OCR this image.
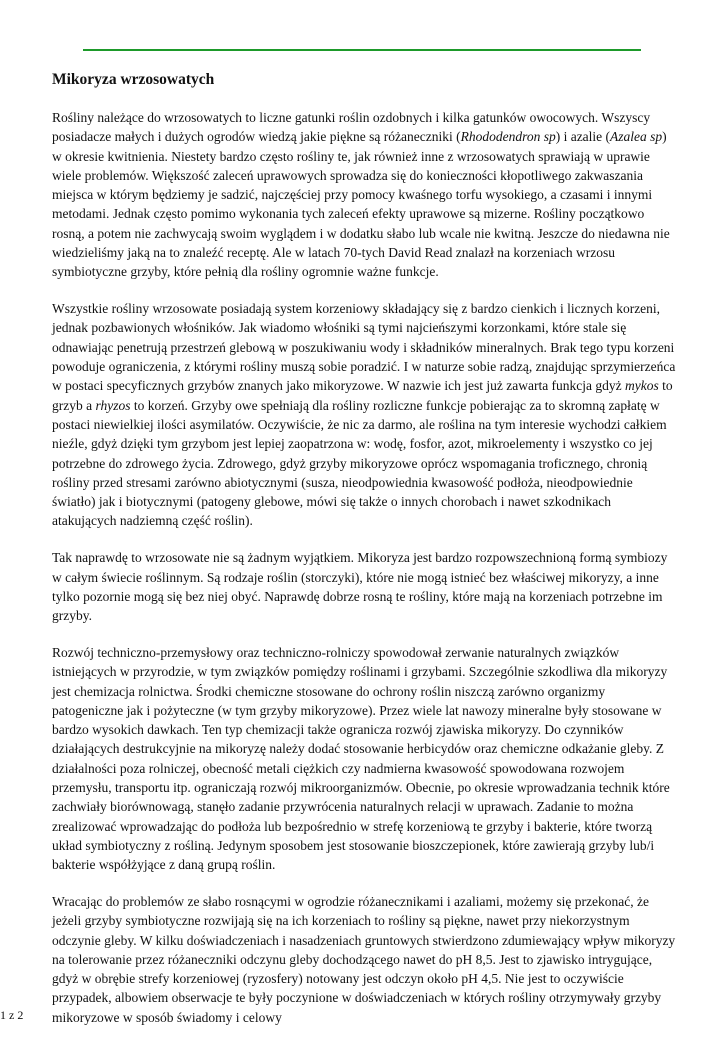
Mikoryza wrzosowatych

Rośliny należące do wrzosowatych to liczne gatunki roślin ozdobnych i kilka gatunków owocowych. Wszyscy posiadacze małych i dużych ogrodów wiedzą jakie piękne są różaneczniki (Rhododendron sp) i azalie (Azalea sp) w okresie kwitnienia. Niestety bardzo często rośliny te, jak również inne z wrzosowatych sprawiają w uprawie wiele problemów. Większość zaleceń uprawowych sprowadza się do konieczności kłopotliwego zakwaszania miejsca w którym będziemy je sadzić, najczęściej przy pomocy kwaśnego torfu wysokiego, a czasami i innymi metodami. Jednak często pomimo wykonania tych zaleceń efekty uprawowe są mizerne. Rośliny początkowo rosną, a potem nie zachwycają swoim wyglądem i w dodatku słabo lub wcale nie kwitną. Jeszcze do niedawna nie wiedzieliśmy jaką na to znaleźć receptę. Ale w latach 70-tych David Read znalazł na korzeniach wrzosu symbiotyczne grzyby, które pełnią dla rośliny ogromnie ważne funkcje.

Wszystkie rośliny wrzosowate posiadają system korzeniowy składający się z bardzo cienkich i licznych korzeni, jednak pozbawionych włośników. Jak wiadomo włośniki są tymi najcieńszymi korzonkami, które stale się odnawiając penetrują przestrzeń glebową w poszukiwaniu wody i składników mineralnych. Brak tego typu korzeni powoduje ograniczenia, z którymi rośliny muszą sobie poradzić. I w naturze sobie radzą, znajdując sprzymierzeńca w postaci specyficznych grzybów znanych jako mikoryzowe. W nazwie ich jest już zawarta funkcja gdyż mykos to grzyb a rhyzos to korzeń. Grzyby owe spełniają dla rośliny rozliczne funkcje pobierając za to skromną zapłatę w postaci niewielkiej ilości asymilatów. Oczywiście, że nic za darmo, ale roślina na tym interesie wychodzi całkiem nieźle, gdyż dzięki tym grzybom jest lepiej zaopatrzona w: wodę, fosfor, azot, mikroelementy i wszystko co jej potrzebne do zdrowego życia. Zdrowego, gdyż grzyby mikoryzowe oprócz wspomagania troficznego, chronią rośliny przed stresami zarówno abiotycznymi (susza, nieodpowiednia kwasowość podłoża, nieodpowiednie światło) jak i biotycznymi (patogeny glebowe, mówi się także o innych chorobach i nawet szkodnikach atakujących nadziemną część roślin).

Tak naprawdę to wrzosowate nie są żadnym wyjątkiem. Mikoryza jest bardzo rozpowszechnioną formą symbiozy w całym świecie roślinnym. Są rodzaje roślin (storczyki), które nie mogą istnieć bez właściwej mikoryzy, a inne tylko pozornie mogą się bez niej obyć. Naprawdę dobrze rosną te rośliny, które mają na korzeniach potrzebne im grzyby.

Rozwój techniczno-przemysłowy oraz techniczno-rolniczy spowodował zerwanie naturalnych związków istniejących w przyrodzie, w tym związków pomiędzy roślinami i grzybami. Szczególnie szkodliwa dla mikoryzy jest chemizacja rolnictwa. Środki chemiczne stosowane do ochrony roślin niszczą zarówno organizmy patogeniczne jak i pożyteczne (w tym grzyby mikoryzowe). Przez wiele lat nawozy mineralne były stosowane w bardzo wysokich dawkach. Ten typ chemizacji także ogranicza rozwój zjawiska mikoryzy. Do czynników działających destrukcyjnie na mikoryzę należy dodać stosowanie herbicydów oraz chemiczne odkażanie gleby. Z działalności poza rolniczej, obecność metali ciężkich czy nadmierna kwasowość spowodowana rozwojem przemysłu, transportu itp. ograniczają rozwój mikroorganizmów. Obecnie, po okresie wprowadzania technik które zachwiały biorównowagą, stanęło zadanie przywrócenia naturalnych relacji w uprawach. Zadanie to można zrealizować wprowadzając do podłoża lub bezpośrednio w strefę korzeniową te grzyby i bakterie, które tworzą układ symbiotyczny z rośliną. Jedynym sposobem jest stosowanie bioszczepionek, które zawierają grzyby lub/i bakterie współżyjące z daną grupą roślin.

Wracając do problemów ze słabo rosnącymi w ogrodzie różanecznikami i azaliami, możemy się przekonać, że jeżeli grzyby symbiotyczne rozwijają się na ich korzeniach to rośliny są piękne, nawet przy niekorzystnym odczynie gleby. W kilku doświadczeniach i nasadzeniach gruntowych stwierdzono zdumiewający wpływ mikoryzy na tolerowanie przez różaneczniki odczynu gleby dochodzącego nawet do pH 8,5. Jest to zjawisko intrygujące, gdyż w obrębie strefy korzeniowej (ryzosfery) notowany jest odczyn około pH 4,5. Nie jest to oczywiście przypadek, albowiem obserwacje te były poczynione w doświadczeniach w których rośliny otrzymywały grzyby mikoryzowe w sposób świadomy i celowy

1 z 2
